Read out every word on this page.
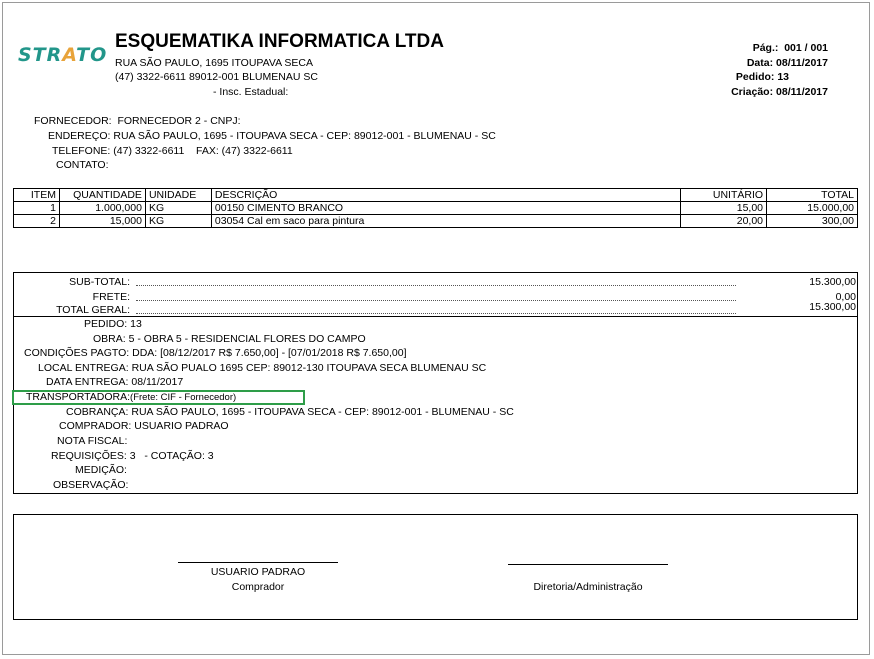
STRATO
ESQUEMATIKA INFORMATICA LTDA
RUA SÃO PAULO, 1695 ITOUPAVA SECA
(47) 3322-6611 89012-001 BLUMENAU SC
- Insc. Estadual:
Pág.: 001 / 001
Data: 08/11/2017
Pedido: 13
Criação: 08/11/2017
FORNECEDOR: FORNECEDOR 2 - CNPJ:
ENDEREÇO: RUA SÃO PAULO, 1695 - ITOUPAVA SECA - CEP: 89012-001 - BLUMENAU - SC
TELEFONE: (47) 3322-6611 FAX: (47) 3322-6611
CONTATO:
ITEM	QUANTIDADE	UNIDADE	DESCRIÇÃO	UNITÁRIO	TOTAL
1	1.000,000	KG	00150 CIMENTO BRANCO	15,00	15.000,00
2	15,000	KG	03054 Cal em saco para pintura	20,00	300,00
SUB-TOTAL:	15.300,00
FRETE:	0,00
TOTAL GERAL:	15.300,00
PEDIDO: 13
OBRA: 5 - OBRA 5 - RESIDENCIAL FLORES DO CAMPO
CONDIÇÕES PAGTO: DDA: [08/12/2017 R$ 7.650,00] - [07/01/2018 R$ 7.650,00]
LOCAL ENTREGA: RUA SÃO PUALO 1695 CEP: 89012-130 ITOUPAVA SECA BLUMENAU SC
DATA ENTREGA: 08/11/2017
TRANSPORTADORA:(Frete: CIF - Fornecedor)
COBRANÇA: RUA SÃO PAULO, 1695 - ITOUPAVA SECA - CEP: 89012-001 - BLUMENAU - SC
COMPRADOR: USUARIO PADRAO
NOTA FISCAL:
REQUISIÇÕES: 3 - COTAÇÃO: 3
MEDIÇÃO:
OBSERVAÇÃO:
USUARIO PADRAO
Comprador	Diretoria/Administração
